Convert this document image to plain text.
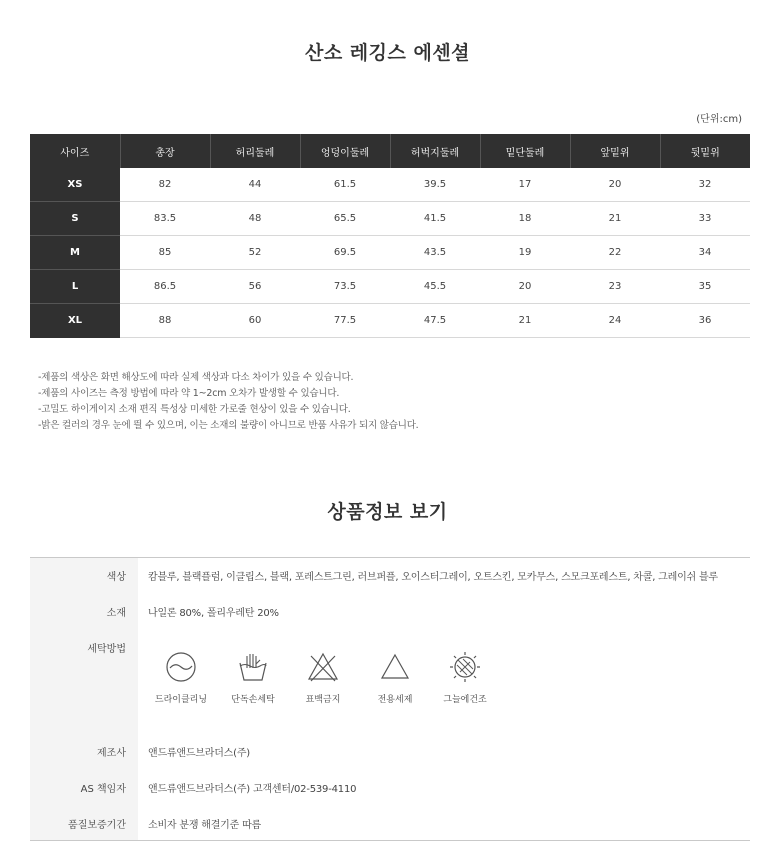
산소 레깅스 에센셜
(단위:cm)
사이즈	총장	허리둘레	엉덩이둘레	허벅지둘레	밑단둘레	앞밑위	뒷밑위
XS	82	44	61.5	39.5	17	20	32
S	83.5	48	65.5	41.5	18	21	33
M	85	52	69.5	43.5	19	22	34
L	86.5	56	73.5	45.5	20	23	35
XL	88	60	77.5	47.5	21	24	36
-제품의 색상은 화면 해상도에 따라 실제 색상과 다소 차이가 있을 수 있습니다.
-제품의 사이즈는 측정 방법에 따라 약 1~2cm 오차가 발생할 수 있습니다.
-고밀도 하이게이지 소재 편직 특성상 미세한 가로줄 현상이 있을 수 있습니다.
-밝은 컬러의 경우 눈에 띌 수 있으며, 이는 소재의 불량이 아니므로 반품 사유가 되지 않습니다.
상품정보 보기
색상 캄블루, 블랙플럼, 이클립스, 블랙, 포레스트그린, 러브퍼플, 오이스터그레이, 오트스킨, 모카무스, 스모크포레스트, 차콜, 그레이쉬 블루
소재 나일론 80%, 폴리우레탄 20%
세탁방법
드라이클리닝	단독손세탁	표백금지	전용세제	그늘에건조
제조사 앤드류앤드브라더스(주)
AS 책임자 앤드류앤드브라더스(주) 고객센터/02-539-4110
품질보증기간 소비자 분쟁 해결기준 따름
